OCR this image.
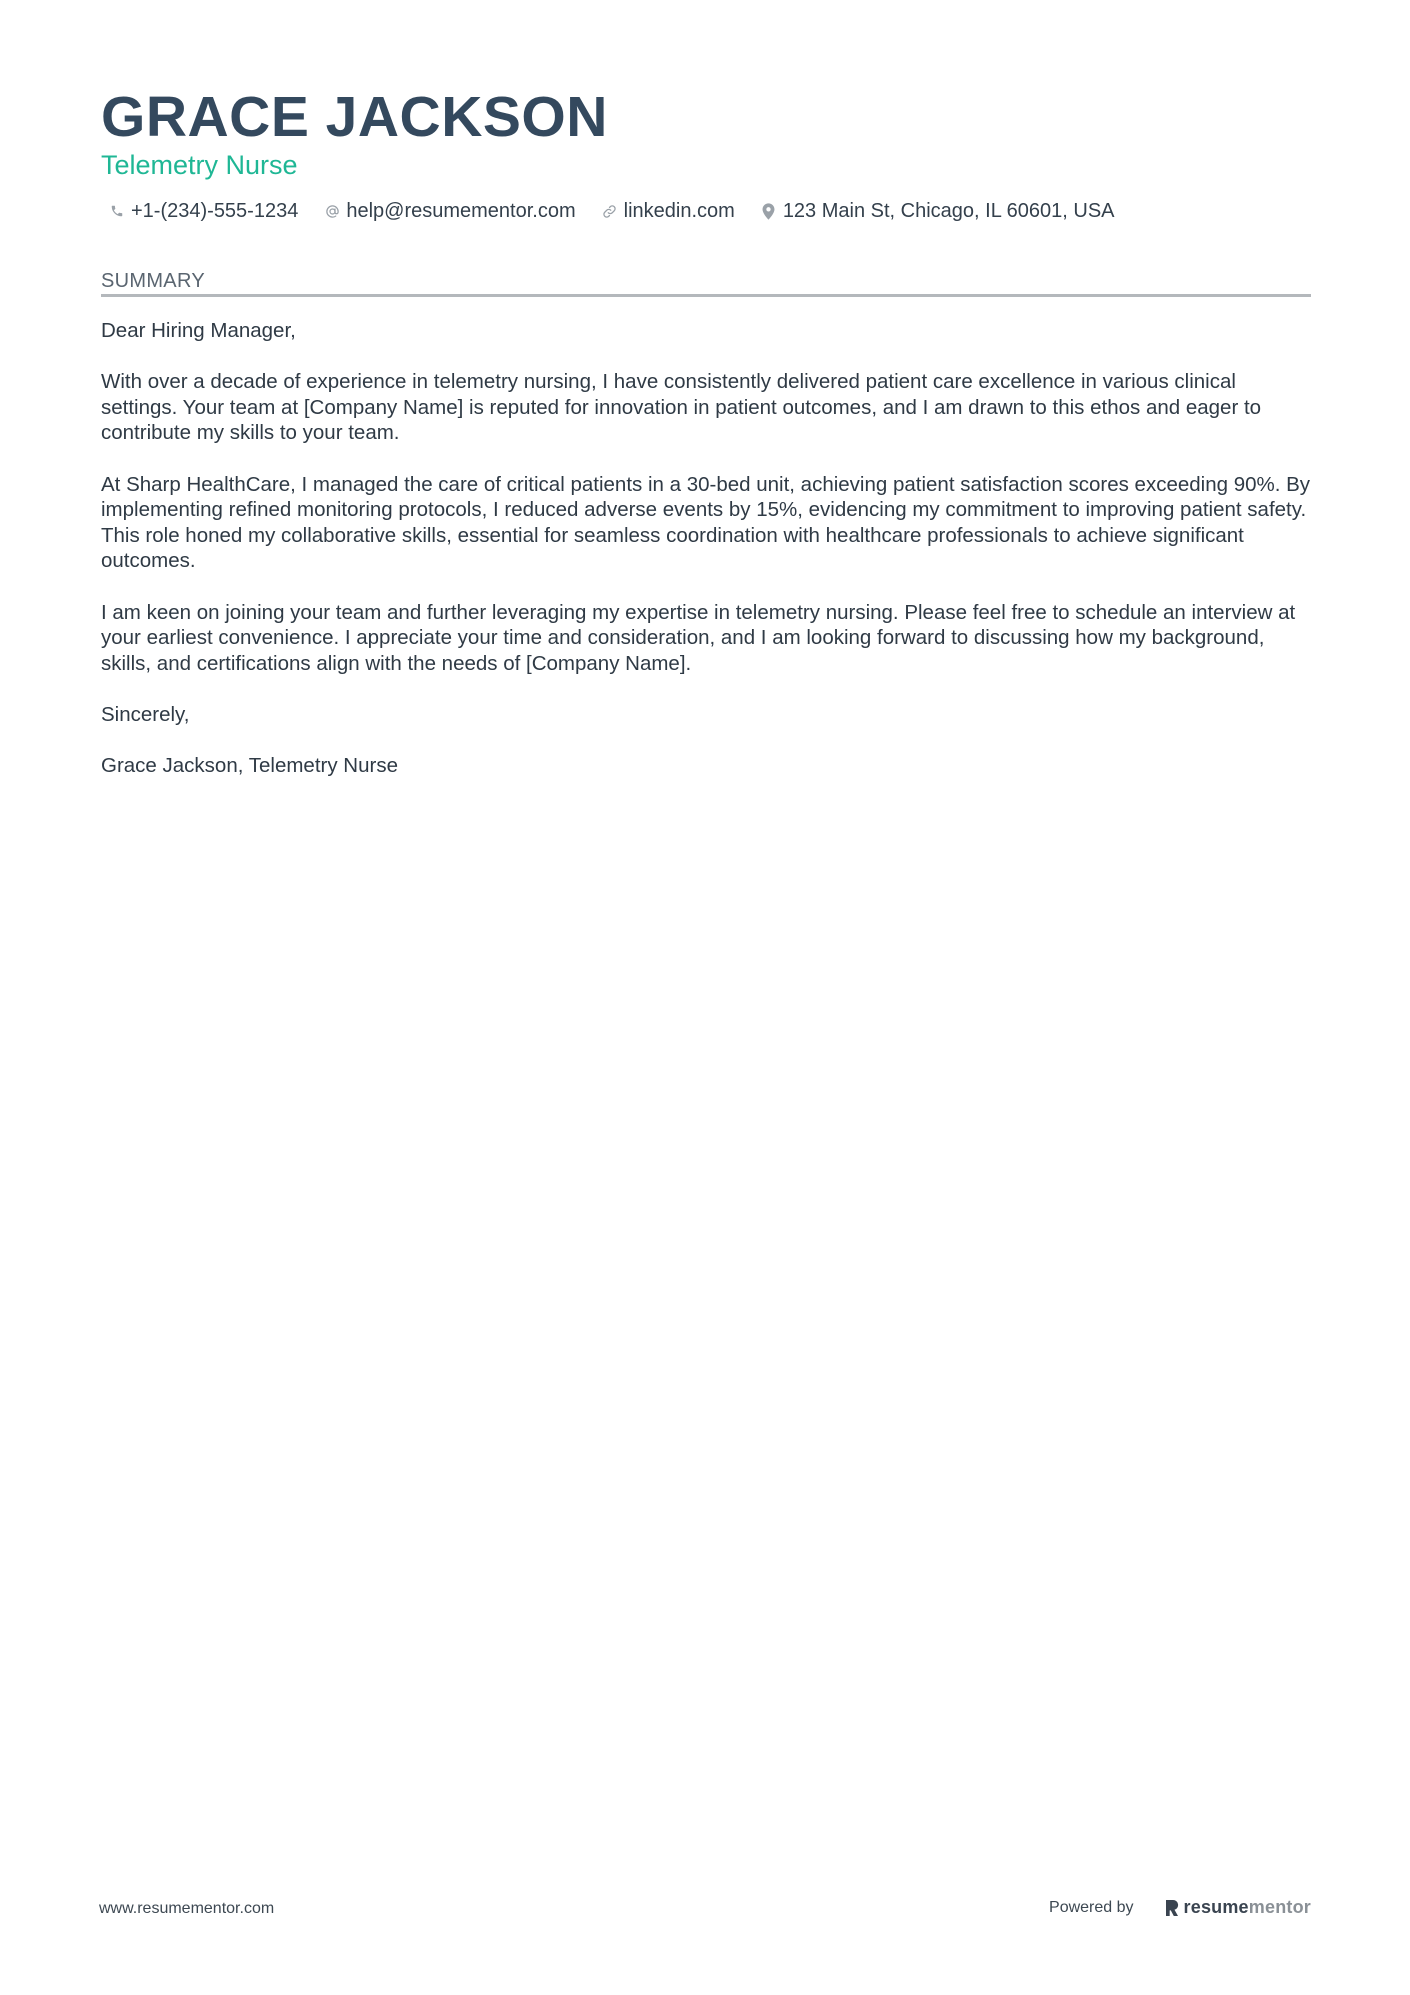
GRACE JACKSON
Telemetry Nurse
+1-(234)-555-1234 help@resumementor.com linkedin.com 123 Main St, Chicago, IL 60601, USA
SUMMARY

Dear Hiring Manager,

With over a decade of experience in telemetry nursing, I have consistently delivered patient care excellence in various clinical settings. Your team at [Company Name] is reputed for innovation in patient outcomes, and I am drawn to this ethos and eager to contribute my skills to your team.

At Sharp HealthCare, I managed the care of critical patients in a 30-bed unit, achieving patient satisfaction scores exceeding 90%. By implementing refined monitoring protocols, I reduced adverse events by 15%, evidencing my commitment to improving patient safety. This role honed my collaborative skills, essential for seamless coordination with healthcare professionals to achieve significant outcomes.

I am keen on joining your team and further leveraging my expertise in telemetry nursing. Please feel free to schedule an interview at your earliest convenience. I appreciate your time and consideration, and I am looking forward to discussing how my background, skills, and certifications align with the needs of [Company Name].

Sincerely,

Grace Jackson, Telemetry Nurse

www.resumementor.com	Powered by	resume mentor
